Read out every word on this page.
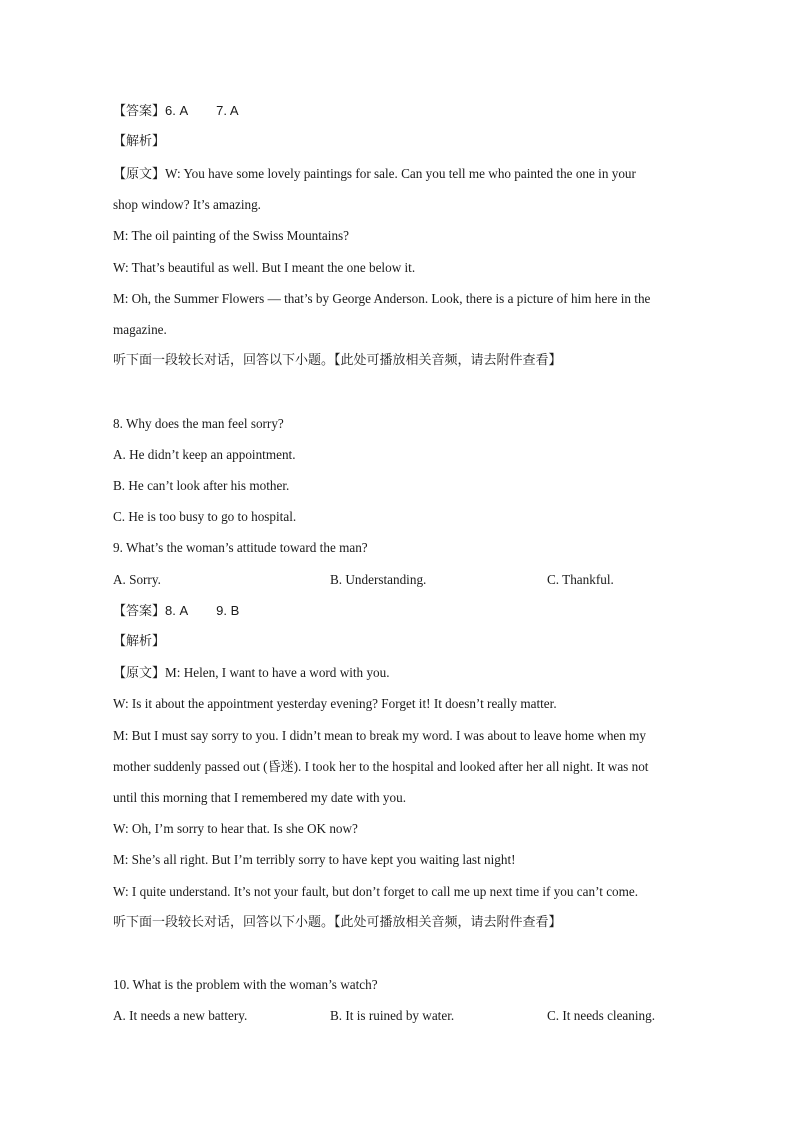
【答案】6. A 7. A
【解析】
【原文】W: You have some lovely paintings for sale. Can you tell me who painted the one in your
shop window? It’s amazing.
M: The oil painting of the Swiss Mountains?
W: That’s beautiful as well. But I meant the one below it.
M: Oh, the Summer Flowers — that’s by George Anderson. Look, there is a picture of him here in the
magazine.
听下面一段较长对话，回答以下小题。【此处可播放相关音频，请去附件查看】
8. Why does the man feel sorry?
A. He didn’t keep an appointment.
B. He can’t look after his mother.
C. He is too busy to go to hospital.
9. What’s the woman’s attitude toward the man?
A. Sorry.	B. Understanding.	C. Thankful.
【答案】8. A 9. B
【解析】
【原文】M: Helen, I want to have a word with you.
W: Is it about the appointment yesterday evening? Forget it! It doesn’t really matter.
M: But I must say sorry to you. I didn’t mean to break my word. I was about to leave home when my
mother suddenly passed out (昏迷). I took her to the hospital and looked after her all night. It was not
until this morning that I remembered my date with you.
W: Oh, I’m sorry to hear that. Is she OK now?
M: She’s all right. But I’m terribly sorry to have kept you waiting last night!
W: I quite understand. It’s not your fault, but don’t forget to call me up next time if you can’t come.
听下面一段较长对话，回答以下小题。【此处可播放相关音频，请去附件查看】
10. What is the problem with the woman’s watch?
A. It needs a new battery.	B. It is ruined by water.	C. It needs cleaning.
